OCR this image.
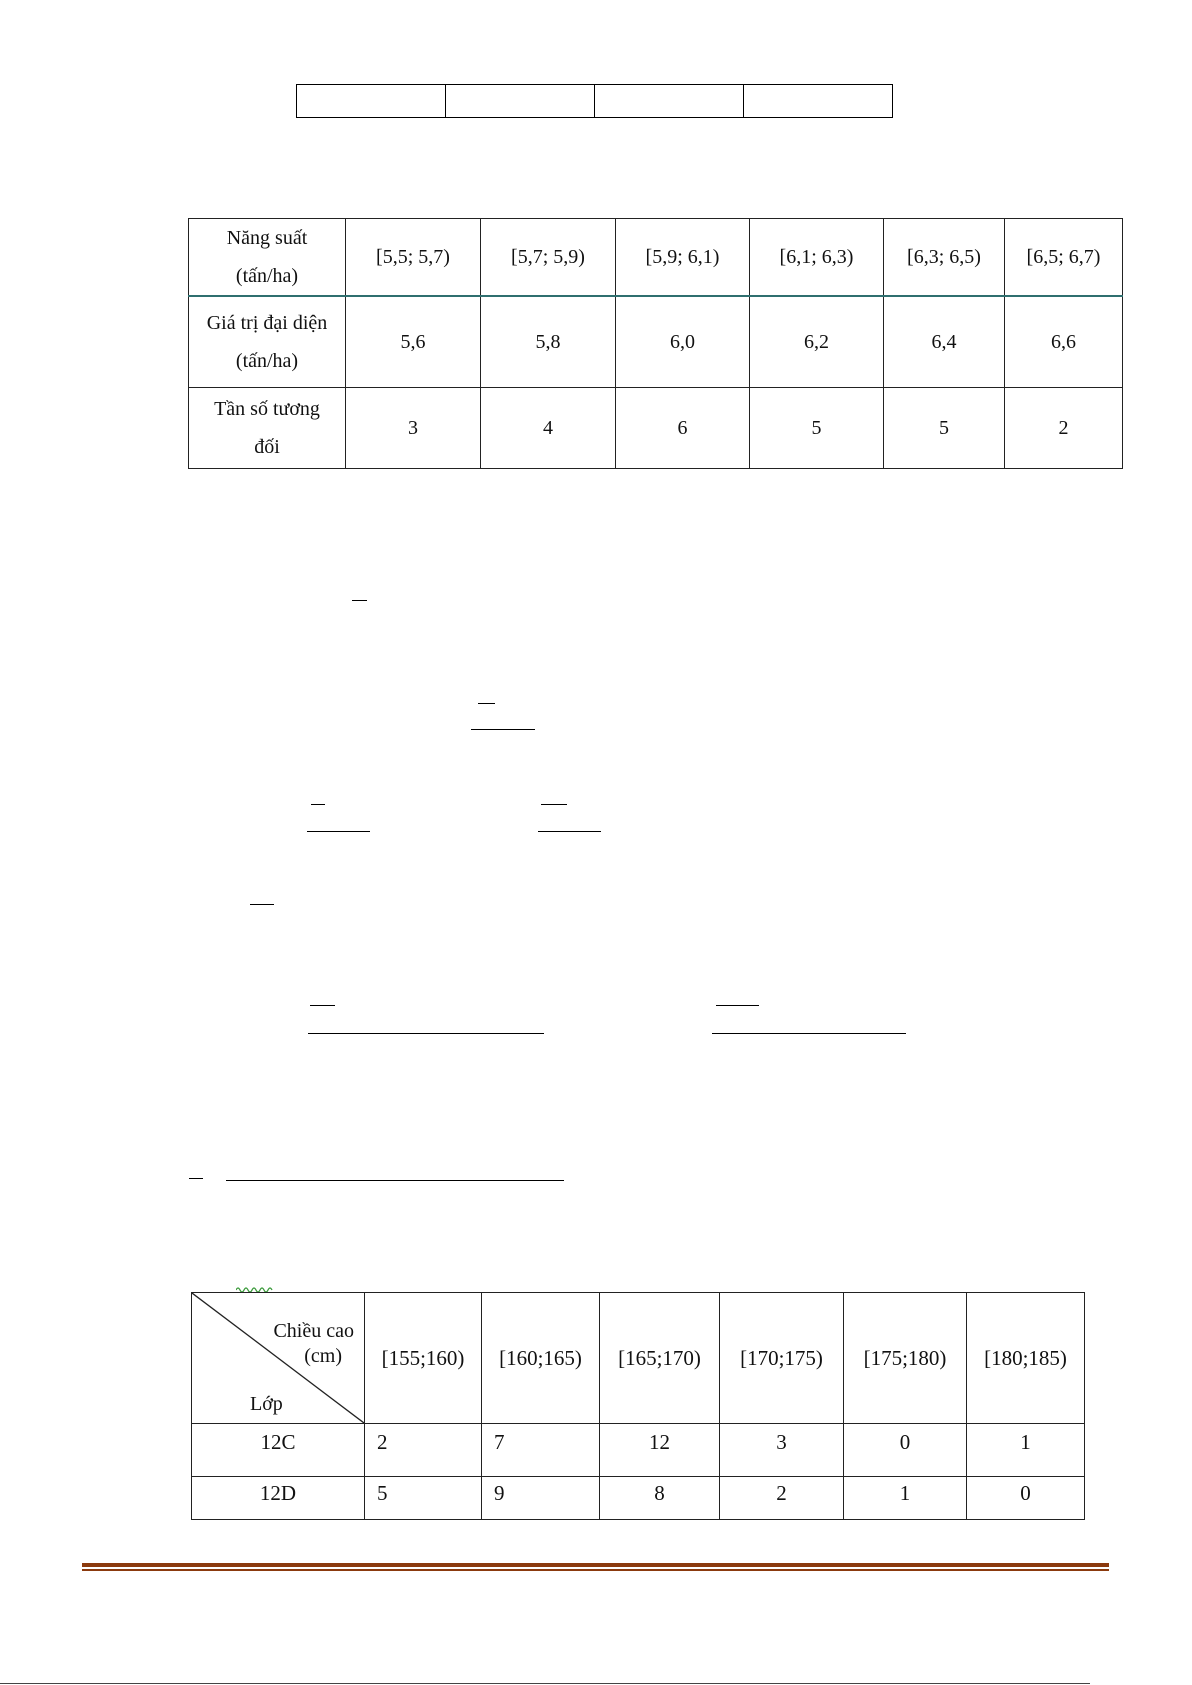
Năng suất
(tấn/ha)	[5,5; 5,7)	[5,7; 5,9)	[5,9; 6,1)	[6,1; 6,3)	[6,3; 6,5)	[6,5; 6,7)

Giá trị đại diện
(tấn/ha)	5,6	5,8	6,0	6,2	6,4	6,6

Tần số tương
đối	3	4	6	5	5	2
Chiều cao
(cm)
Lớp	[155;160)	[160;165)	[165;170)	[170;175)	[175;180)	[180;185)
12C	2	7	12	3	0	1
12D	5	9	8	2	1	0
